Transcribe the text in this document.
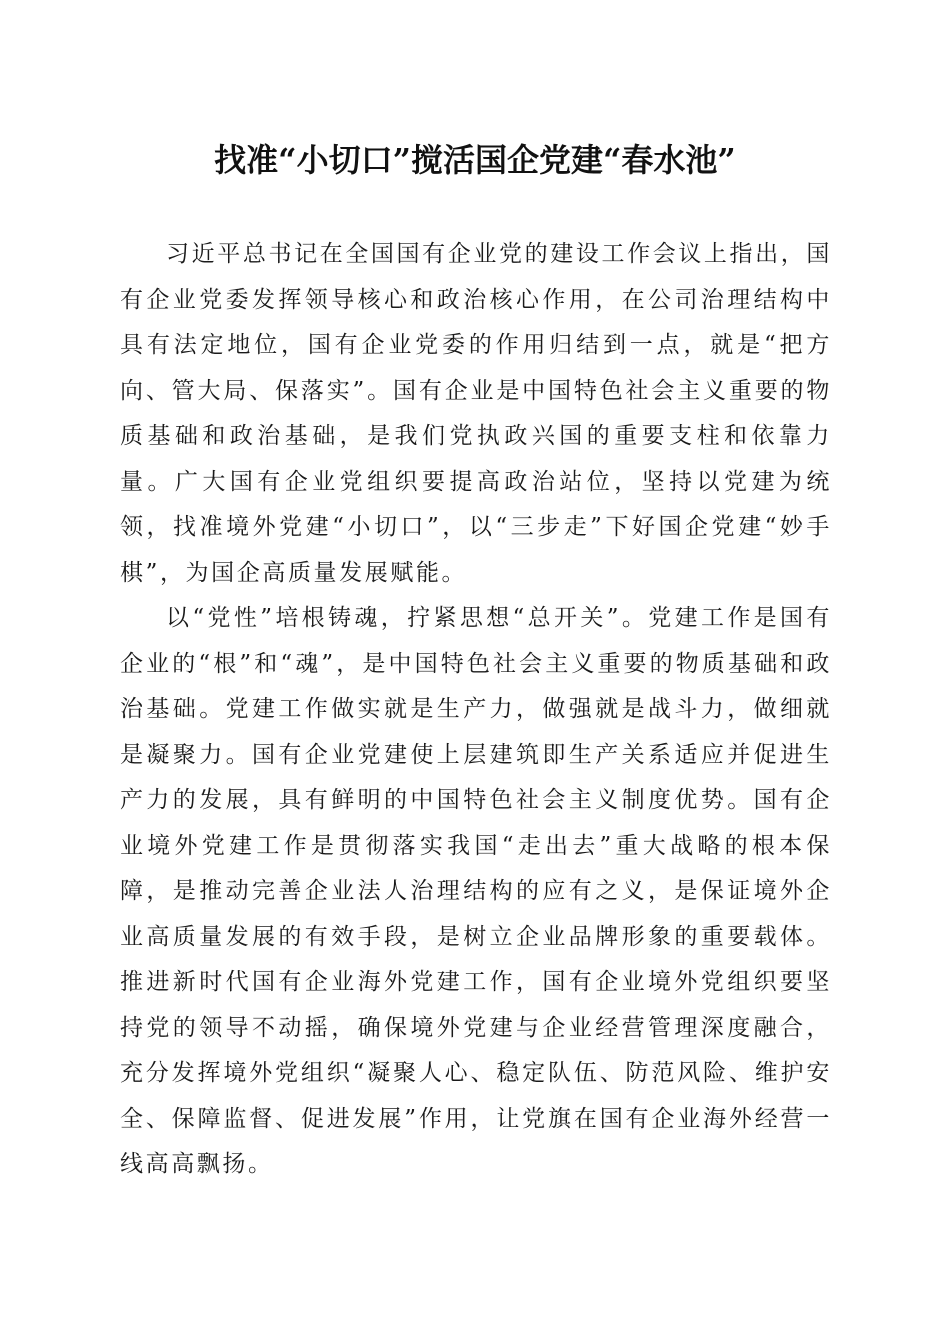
找准“小切口”搅活国企党建“春水池”

习近平总书记在全国国有企业党的建设工作会议上指出，国有企业党委发挥领导核心和政治核心作用，在公司治理结构中具有法定地位，国有企业党委的作用归结到一点，就是“把方向、管大局、保落实”。国有企业是中国特色社会主义重要的物质基础和政治基础，是我们党执政兴国的重要支柱和依靠力量。广大国有企业党组织要提高政治站位，坚持以党建为统领，找准境外党建“小切口”，以“三步走”下好国企党建“妙手棋”，为国企高质量发展赋能。

以“党性”培根铸魂，拧紧思想“总开关”。党建工作是国有企业的“根”和“魂”，是中国特色社会主义重要的物质基础和政治基础。党建工作做实就是生产力，做强就是战斗力，做细就是凝聚力。国有企业党建使上层建筑即生产关系适应并促进生产力的发展，具有鲜明的中国特色社会主义制度优势。国有企业境外党建工作是贯彻落实我国“走出去”重大战略的根本保障，是推动完善企业法人治理结构的应有之义，是保证境外企业高质量发展的有效手段，是树立企业品牌形象的重要载体。推进新时代国有企业海外党建工作，国有企业境外党组织要坚持党的领导不动摇，确保境外党建与企业经营管理深度融合，充分发挥境外党组织“凝聚人心、稳定队伍、防范风险、维护安全、保障监督、促进发展”作用，让党旗在国有企业海外经营一线高高飘扬。
